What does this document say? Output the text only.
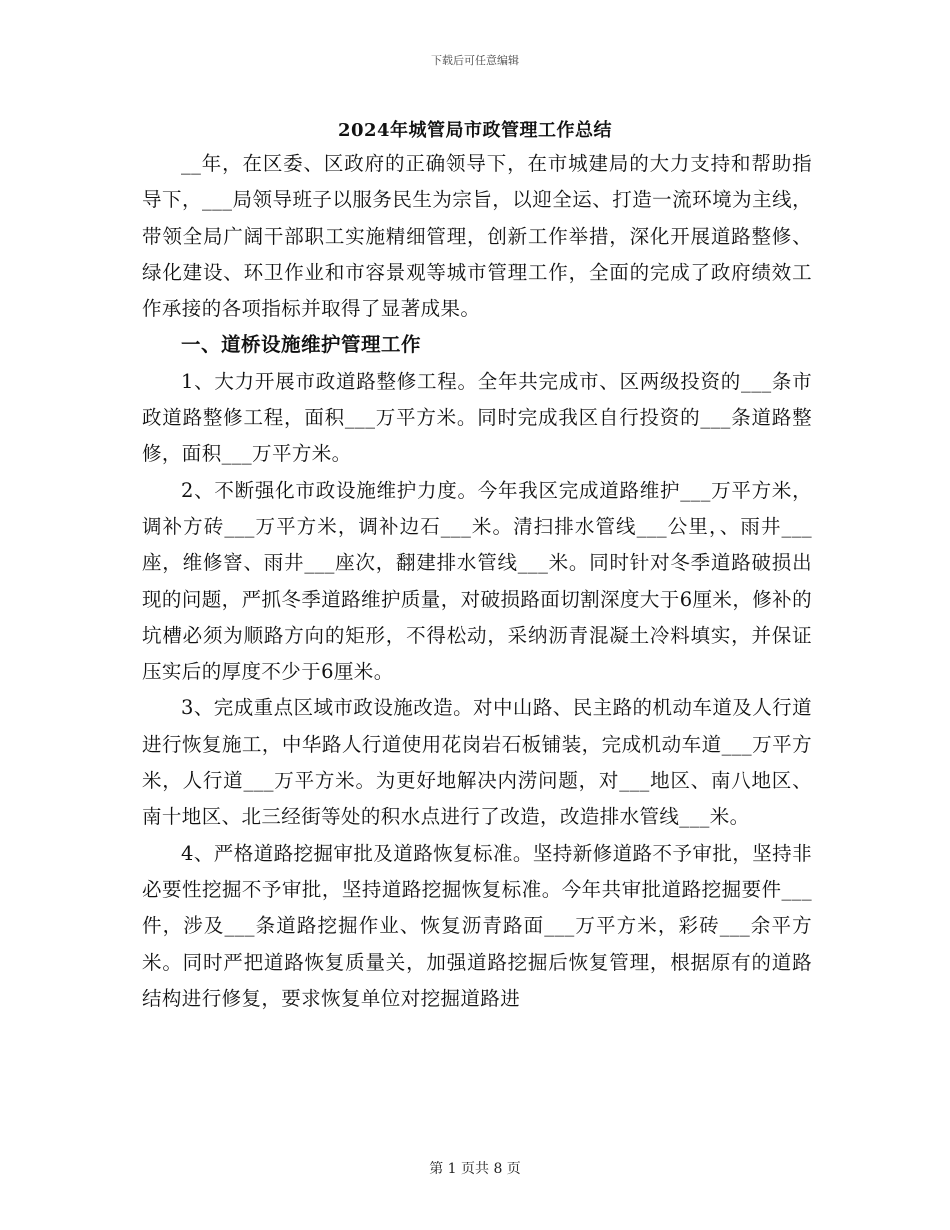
下载后可任意编辑
2024年城管局市政管理工作总结

__年，在区委、区政府的正确领导下，在市城建局的大力支持和帮助指导下，___局领导班子以服务民生为宗旨，以迎全运、打造一流环境为主线，带领全局广阔干部职工实施精细管理，创新工作举措，深化开展道路整修、绿化建设、环卫作业和市容景观等城市管理工作，全面的完成了政府绩效工作承接的各项指标并取得了显著成果。

一、道桥设施维护管理工作

1、大力开展市政道路整修工程。全年共完成市、区两级投资的___条市政道路整修工程，面积___万平方米。同时完成我区自行投资的___条道路整修，面积___万平方米。

2、不断强化市政设施维护力度。今年我区完成道路维护___万平方米，调补方砖___万平方米，调补边石___米。清扫排水管线___公里，、雨井___座，维修窨、雨井___座次，翻建排水管线___米。同时针对冬季道路破损出现的问题，严抓冬季道路维护质量，对破损路面切割深度大于6厘米，修补的坑槽必须为顺路方向的矩形，不得松动，采纳沥青混凝土冷料填实，并保证压实后的厚度不少于6厘米。

3、完成重点区域市政设施改造。对中山路、民主路的机动车道及人行道进行恢复施工，中华路人行道使用花岗岩石板铺装，完成机动车道___万平方米，人行道___万平方米。为更好地解决内涝问题，对___地区、南八地区、南十地区、北三经街等处的积水点进行了改造，改造排水管线___米。

4、严格道路挖掘审批及道路恢复标准。坚持新修道路不予审批，坚持非必要性挖掘不予审批，坚持道路挖掘恢复标准。今年共审批道路挖掘要件___件，涉及___条道路挖掘作业、恢复沥青路面___万平方米，彩砖___余平方米。同时严把道路恢复质量关，加强道路挖掘后恢复管理，根据原有的道路结构进行修复，要求恢复单位对挖掘道路进

第 1 页共 8 页
